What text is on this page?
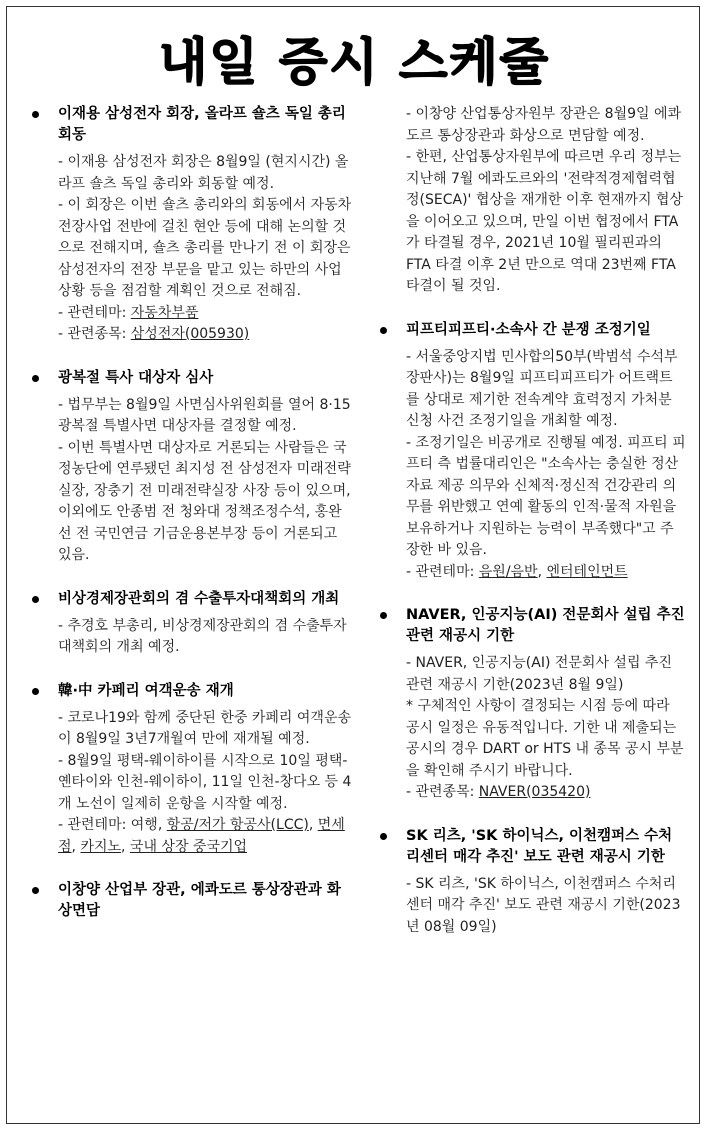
내일 증시 스케줄
이재용 삼성전자 회장, 올라프 숄츠 독일 총리 회동

- 이재용 삼성전자 회장은 8월9일 (현지시간) 올라프 숄츠 독일 총리와 회동할 예정.

- 이 회장은 이번 숄츠 총리와의 회동에서 자동차 전장사업 전반에 걸친 현안 등에 대해 논의할 것으로 전해지며, 숄츠 총리를 만나기 전 이 회장은 삼성전자의 전장 부문을 맡고 있는 하만의 사업 상황 등을 점검할 계획인 것으로 전해짐.

- 관련테마: 자동차부품

- 관련종목: 삼성전자(005930)

광복절 특사 대상자 심사

- 법무부는 8월9일 사면심사위원회를 열어 8·15 광복절 특별사면 대상자를 결정할 예정.

- 이번 특별사면 대상자로 거론되는 사람들은 국정농단에 연루됐던 최지성 전 삼성전자 미래전략실장, 장충기 전 미래전략실장 사장 등이 있으며, 이외에도 안종범 전 청와대 정책조정수석, 홍완선 전 국민연금 기금운용본부장 등이 거론되고 있음.

비상경제장관회의 겸 수출투자대책회의 개최

- 추경호 부총리, 비상경제장관회의 겸 수출투자대책회의 개최 예정.

韓·中 카페리 여객운송 재개

- 코로나19와 함께 중단된 한중 카페리 여객운송이 8월9일 3년7개월여 만에 재개될 예정.

- 8월9일 평택-웨이하이를 시작으로 10일 평택-옌타이와 인천-웨이하이, 11일 인천-창다오 등 4개 노선이 일제히 운항을 시작할 예정.

- 관련테마: 여행, 항공/저가 항공사(LCC), 면세점, 카지노, 국내 상장 중국기업

이창양 산업부 장관, 에콰도르 통상장관과 화상면담

- 이창양 산업통상자원부 장관은 8월9일 에콰도르 통상장관과 화상으로 면담할 예정.

- 한편, 산업통상자원부에 따르면 우리 정부는 지난해 7월 에콰도르와의 '전략적경제협력협정(SECA)' 협상을 재개한 이후 현재까지 협상을 이어오고 있으며, 만일 이번 협정에서 FTA가 타결될 경우, 2021년 10월 필리핀과의 FTA 타결 이후 2년 만으로 역대 23번째 FTA 타결이 될 것임.

피프티피프티·소속사 간 분쟁 조정기일

- 서울중앙지법 민사합의50부(박범석 수석부장판사)는 8월9일 피프티피프티가 어트랙트를 상대로 제기한 전속계약 효력정지 가처분 신청 사건 조정기일을 개최할 예정.

- 조정기일은 비공개로 진행될 예정. 피프티 피프티 측 법률대리인은 "소속사는 충실한 정산자료 제공 의무와 신체적·정신적 건강관리 의무를 위반했고 연예 활동의 인적·물적 자원을 보유하거나 지원하는 능력이 부족했다"고 주장한 바 있음.

- 관련테마: 음원/음반, 엔터테인먼트

NAVER, 인공지능(AI) 전문회사 설립 추진 관련 재공시 기한

- NAVER, 인공지능(AI) 전문회사 설립 추진 관련 재공시 기한(2023년 8월 9일)

* 구체적인 사항이 결정되는 시점 등에 따라 공시 일정은 유동적입니다. 기한 내 제출되는 공시의 경우 DART or HTS 내 종목 공시 부분을 확인해 주시기 바랍니다.

- 관련종목: NAVER(035420)

SK 리츠, 'SK 하이닉스, 이천캠퍼스 수처리센터 매각 추진' 보도 관련 재공시 기한

- SK 리츠, 'SK 하이닉스, 이천캠퍼스 수처리센터 매각 추진' 보도 관련 재공시 기한(2023년 08월 09일)
